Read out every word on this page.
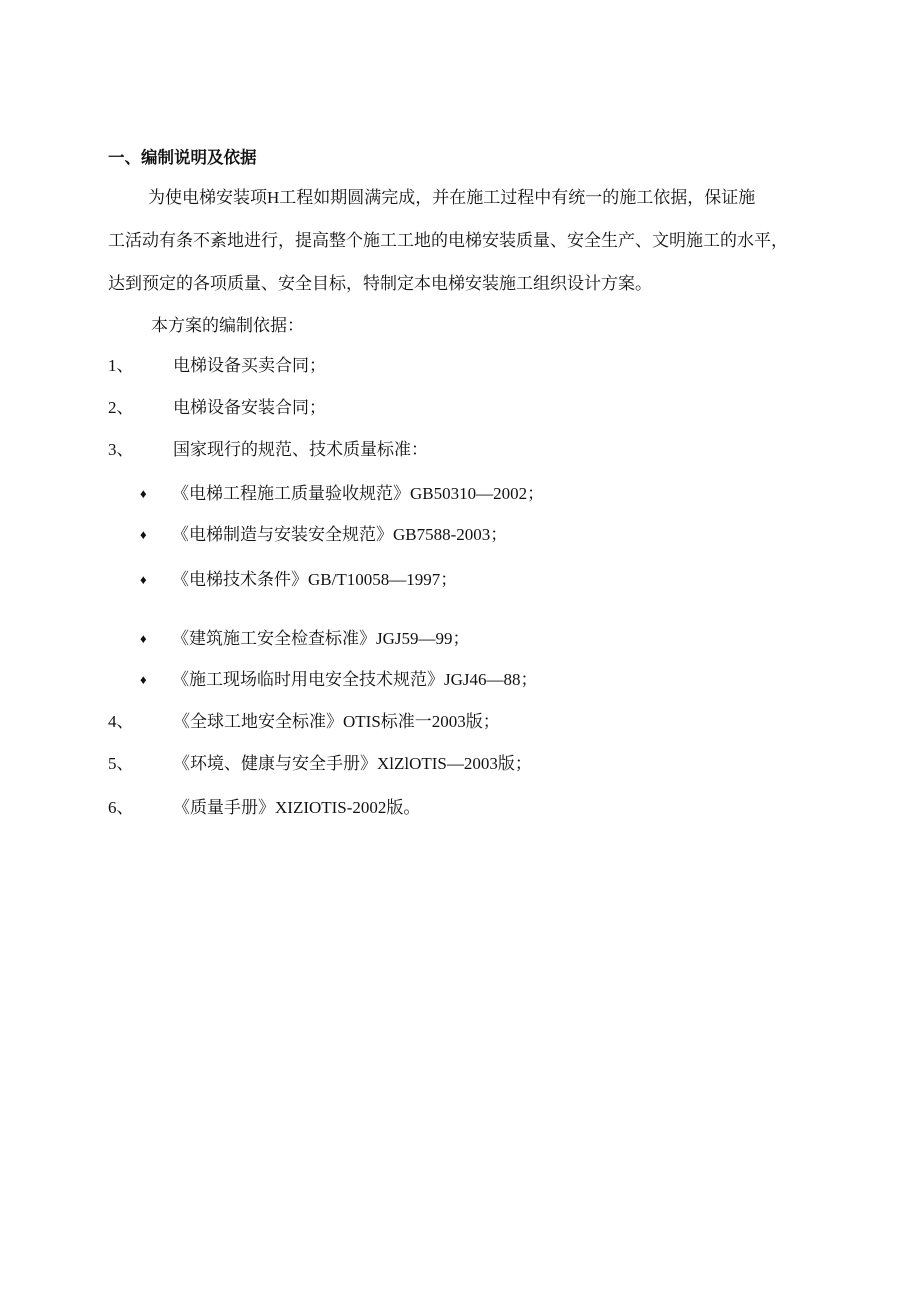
一、编制说明及依据
为使电梯安装项H工程如期圆满完成，并在施工过程中有统一的施工依据，保证施
工活动有条不紊地进行，提高整个施工工地的电梯安装质量、安全生产、文明施工的水平，
达到预定的各项质量、安全目标，特制定本电梯安装施工组织设计方案。
本方案的编制依据：
1、 电梯设备买卖合同；
2、 电梯设备安装合同；
3、 国家现行的规范、技术质量标准：
♦ 《电梯工程施工质量验收规范》GB50310—2002；
♦ 《电梯制造与安装安全规范》GB7588-2003；
♦ 《电梯技术条件》GB/T10058—1997；
♦ 《建筑施工安全检查标准》JGJ59—99；
♦ 《施工现场临时用电安全技术规范》JGJ46—88；
4、 《全球工地安全标准》OTIS标准一2003版；
5、 《环境、健康与安全手册》XlZlOTIS—2003版；
6、 《质量手册》XIZIOTIS-2002版。
